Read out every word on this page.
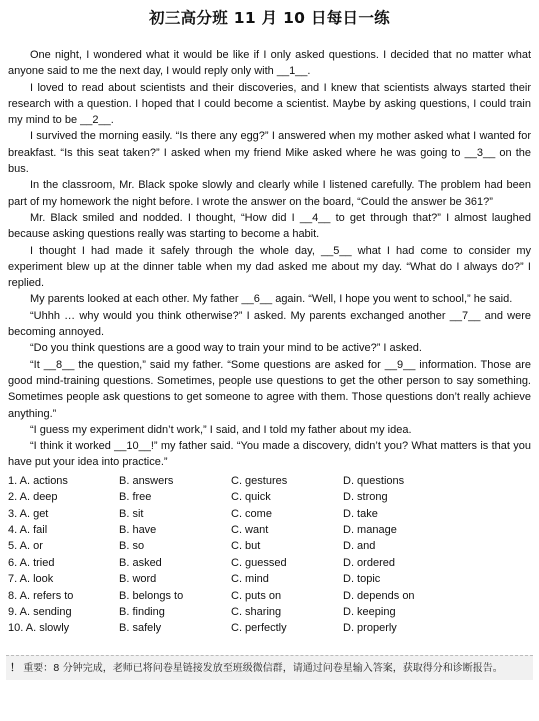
初三高分班 11 月 10 日每日一练

One night, I wondered what it would be like if I only asked questions. I decided that no matter what anyone said to me the next day, I would reply only with __1__.

I loved to read about scientists and their discoveries, and I knew that scientists always started their research with a question. I hoped that I could become a scientist. Maybe by asking questions, I could train my mind to be __2__.

I survived the morning easily. “Is there any egg?” I answered when my mother asked what I wanted for breakfast. “Is this seat taken?” I asked when my friend Mike asked where he was going to __3__ on the bus.

In the classroom, Mr. Black spoke slowly and clearly while I listened carefully. The problem had been part of my homework the night before. I wrote the answer on the board, “Could the answer be 361?”

Mr. Black smiled and nodded. I thought, “How did I __4__ to get through that?” I almost laughed because asking questions really was starting to become a habit.

I thought I had made it safely through the whole day, __5__ what I had come to consider my experiment blew up at the dinner table when my dad asked me about my day. “What do I always do?” I replied.

My parents looked at each other. My father __6__ again. “Well, I hope you went to school,” he said.

“Uhhh … why would you think otherwise?” I asked. My parents exchanged another __7__ and were becoming annoyed.

“Do you think questions are a good way to train your mind to be active?” I asked.

“It __8__ the question,” said my father. “Some questions are asked for __9__ information. Those are good mind-training questions. Sometimes, people use questions to get the other person to say something. Sometimes people ask questions to get someone to agree with them. Those questions don’t really achieve anything.”

“I guess my experiment didn’t work,” I said, and I told my father about my idea.

“I think it worked __10__!” my father said. “You made a discovery, didn’t you? What matters is that you have put your idea into practice.”

1. A. actions	B. answers	C. gestures	D. questions
2. A. deep	B. free	C. quick	D. strong
3. A. get	B. sit	C. come	D. take
4. A. fail	B. have	C. want	D. manage
5. A. or	B. so	C. but	D. and
6. A. tried	B. asked	C. guessed	D. ordered
7. A. look	B. word	C. mind	D. topic
8. A. refers to	B. belongs to	C. puts on	D. depends on
9. A. sending	B. finding	C. sharing	D. keeping
10. A. slowly	B. safely	C. perfectly	D. properly
！ 重要：8 分钟完成，老师已将问卷星链接发放至班级微信群，请通过问卷星输入答案，获取得分和诊断报告。
